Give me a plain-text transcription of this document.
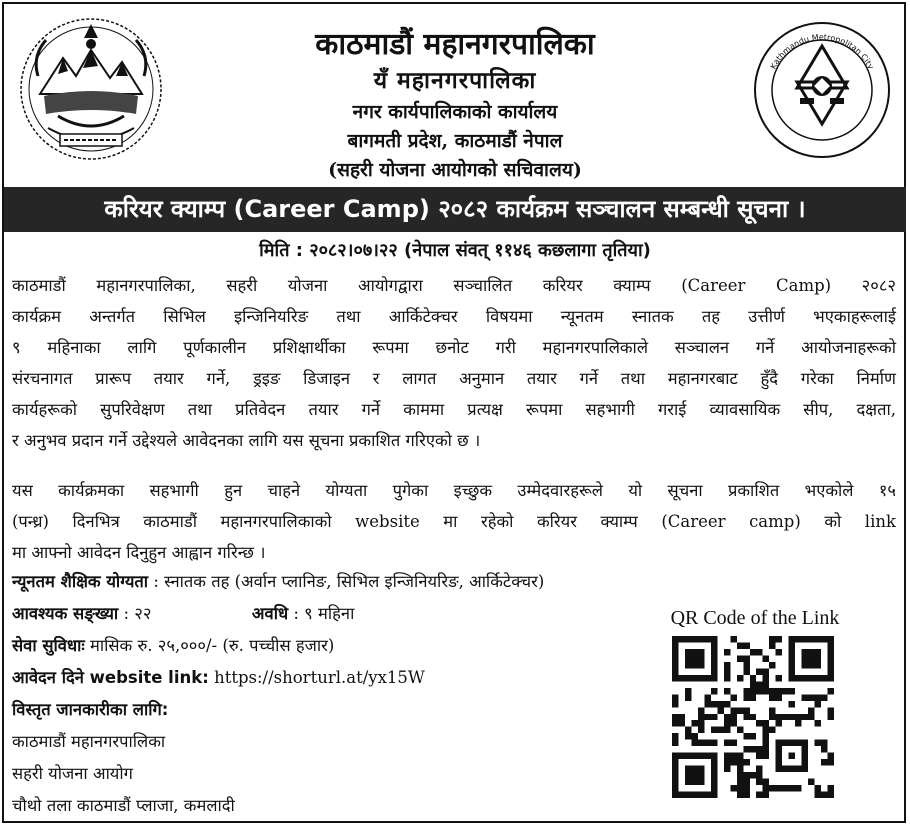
काठमाडौं महानगरपालिका
यँ महानगरपालिका
नगर कार्यपालिकाको कार्यालय
बागमती प्रदेश, काठमाडौं नेपाल
(सहरी योजना आयोगको सचिवालय)
Kathmandu Metropolitan City
करियर क्याम्प (Career Camp) २०८२ कार्यक्रम सञ्चालन सम्बन्धी सूचना ।
मिति : २०८२।०७।२२ (नेपाल संवत् ११४६ कछलागा तृतिया)
काठमाडौं महानगरपालिका, सहरी योजना आयोगद्वारा सञ्चालित करियर क्याम्प (Career Camp) २०८२
कार्यक्रम अन्तर्गत सिभिल इन्जिनियरिङ तथा आर्किटेक्चर विषयमा न्यूनतम स्नातक तह उत्तीर्ण भएकाहरूलाई
९ महिनाका लागि पूर्णकालीन प्रशिक्षार्थीका रूपमा छनोट गरी महानगरपालिकाले सञ्चालन गर्ने आयोजनाहरूको
संरचनागत प्रारूप तयार गर्ने, ड्रइङ डिजाइन र लागत अनुमान तयार गर्ने तथा महानगरबाट हुँदै गरेका निर्माण
कार्यहरूको सुपरिवेक्षण तथा प्रतिवेदन तयार गर्ने काममा प्रत्यक्ष रूपमा सहभागी गराई व्यावसायिक सीप, दक्षता,
र अनुभव प्रदान गर्ने उद्देश्यले आवेदनका लागि यस सूचना प्रकाशित गरिएको छ ।
यस कार्यक्रमका सहभागी हुन चाहने योग्यता पुगेका इच्छुक उम्मेदवारहरूले यो सूचना प्रकाशित भएकोले १५
(पन्ध्र) दिनभित्र काठमाडौं महानगरपालिकाको website मा रहेको करियर क्याम्प (Career camp) को link
मा आफ्नो आवेदन दिनुहुन आह्वान गरिन्छ ।
न्यूनतम शैक्षिक योग्यता : स्नातक तह (अर्वान प्लानिङ, सिभिल इन्जिनियरिङ, आर्किटेक्चर)
आवश्यक सङ्ख्या : २२	अवधि : ९ महिना
सेवा सुविधाः मासिक रु. २५,०००/- (रु. पच्चीस हजार)
आवेदन दिने website link: https://shorturl.at/yx15W
विस्तृत जानकारीका लागि:
काठमाडौं महानगरपालिका
सहरी योजना आयोग
चौथो तला काठमाडौं प्लाजा, कमलादी
QR Code of the Link
